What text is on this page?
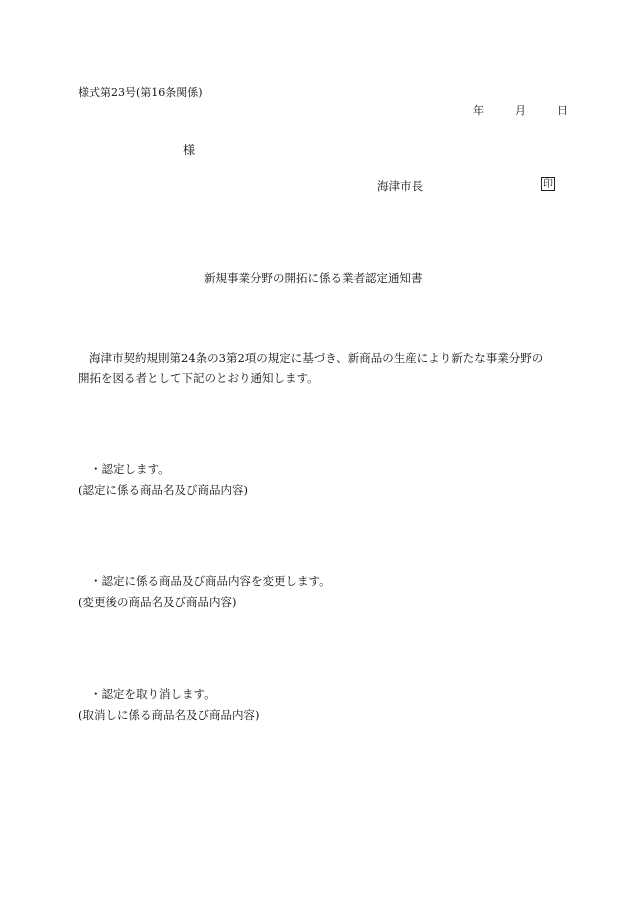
様式第23号(第16条関係)
年	月	日
様
海津市長	印
新規事業分野の開拓に係る業者認定通知書
海津市契約規則第24条の3第2項の規定に基づき、新商品の生産により新たな事業分野の
開拓を図る者として下記のとおり通知します。
・認定します。
(認定に係る商品名及び商品内容)
・認定に係る商品及び商品内容を変更します。
(変更後の商品名及び商品内容)
・認定を取り消します。
(取消しに係る商品名及び商品内容)
